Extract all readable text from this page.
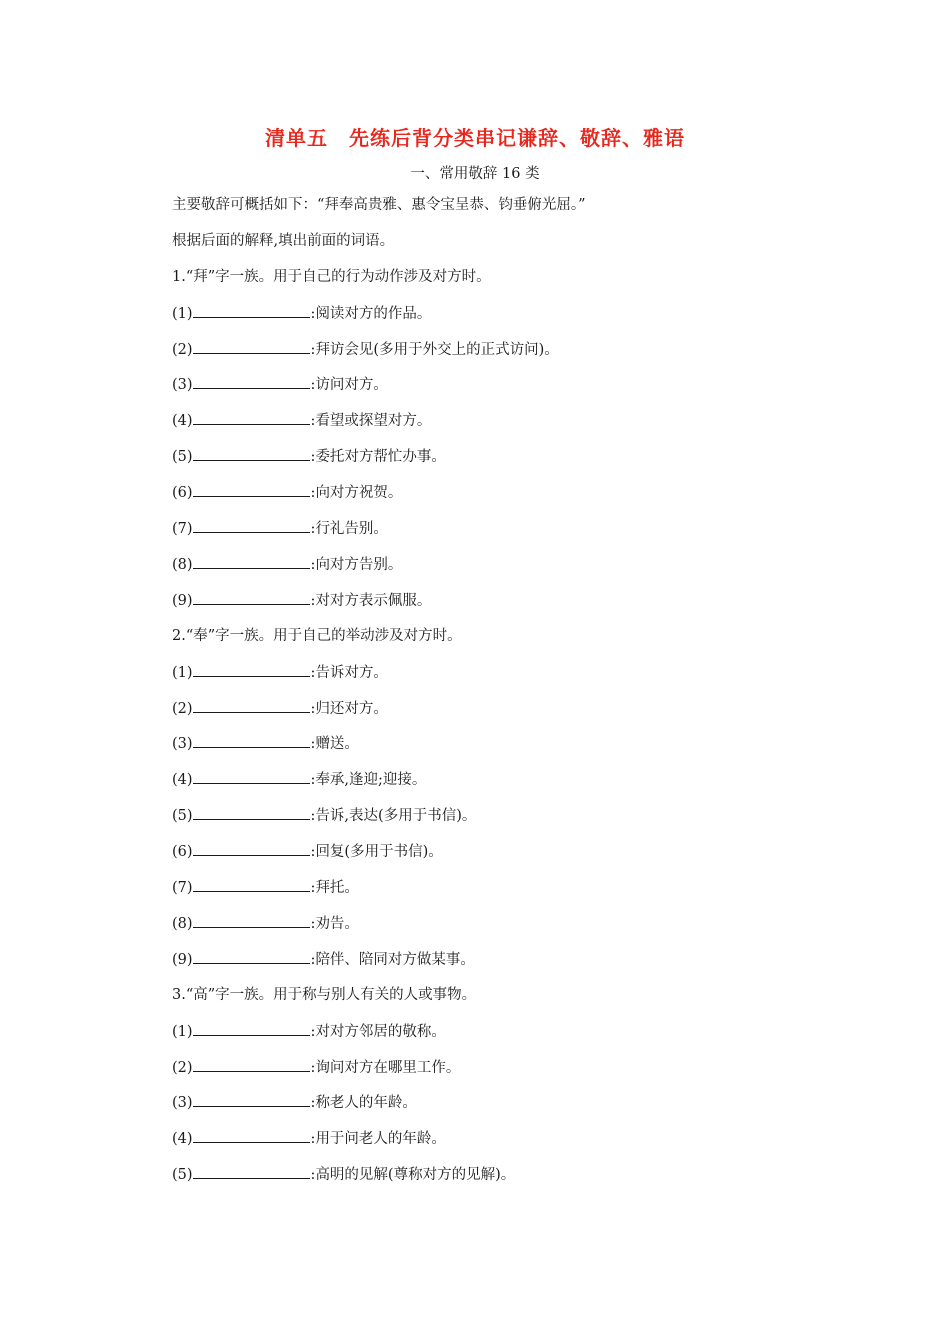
清单五　先练后背分类串记谦辞、敬辞、雅语
一、常用敬辞 16 类
主要敬辞可概括如下：“拜奉高贵雅、惠令宝呈恭、钧垂俯光屈。”
根据后面的解释,填出前面的词语。
1.“拜”字一族。用于自己的行为动作涉及对方时。
(1)	:阅读对方的作品。
(2)	:拜访会见(多用于外交上的正式访问)。
(3)	:访问对方。
(4)	:看望或探望对方。
(5)	:委托对方帮忙办事。
(6)	:向对方祝贺。
(7)	:行礼告别。
(8)	:向对方告别。
(9)	:对对方表示佩服。
2.“奉”字一族。用于自己的举动涉及对方时。
(1)	:告诉对方。
(2)	:归还对方。
(3)	:赠送。
(4)	:奉承,逢迎;迎接。
(5)	:告诉,表达(多用于书信)。
(6)	:回复(多用于书信)。
(7)	:拜托。
(8)	:劝告。
(9)	:陪伴、陪同对方做某事。
3.“高”字一族。用于称与别人有关的人或事物。
(1)	:对对方邻居的敬称。
(2)	:询问对方在哪里工作。
(3)	:称老人的年龄。
(4)	:用于问老人的年龄。
(5)	:高明的见解(尊称对方的见解)。
